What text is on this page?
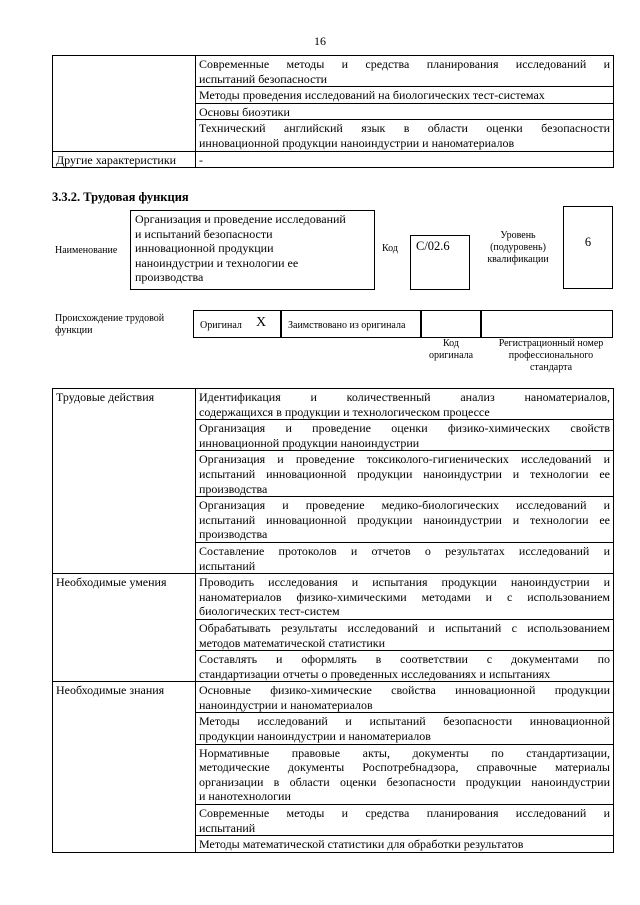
16

	Современные методы и средства планирования исследований и
испытаний безопасности

	Методы проведения исследований на биологических тест-системах

	Основы биоэтики

	Технический английский язык в области оценки безопасности
инновационной продукции наноиндустрии и наноматериалов

Другие характеристики	-
3.3.2. Трудовая функция
Наименование
Организация и проведение исследований
и испытаний безопасности
инновационной продукции
наноиндустрии и технологии ее
производства
Код	C/02.6
Уровень
(подуровень)
квалификации
6
Происхождение трудовой
функции	Оригинал X Заимствовано из оригинала
Код
оригинала
Регистрационный номер
профессионального
стандарта
Трудовые действия	Идентификация и количественный анализ наноматериалов,
содержащихся в продукции и технологическом процессе

	Организация и проведение оценки физико-химических свойств
инновационной продукции наноиндустрии

	Организация и проведение токсиколого-гигиенических исследований и
испытаний инновационной продукции наноиндустрии и технологии ее
производства

	Организация и проведение медико-биологических исследований и
испытаний инновационной продукции наноиндустрии и технологии ее
производства

	Составление протоколов и отчетов о результатах исследований и
испытаний

Необходимые умения	Проводить исследования и испытания продукции наноиндустрии и
наноматериалов физико-химическими методами и с использованием
биологических тест-систем

	Обрабатывать результаты исследований и испытаний с использованием
методов математической статистики

	Составлять и оформлять в соответствии с документами по
стандартизации отчеты о проведенных исследованиях и испытаниях

Необходимые знания	Основные физико-химические свойства инновационной продукции
наноиндустрии и наноматериалов

	Методы исследований и испытаний безопасности инновационной
продукции наноиндустрии и наноматериалов

	Нормативные правовые акты, документы по стандартизации,
методические документы Роспотребнадзора, справочные материалы
организации в области оценки безопасности продукции наноиндустрии
и нанотехнологии

	Современные методы и средства планирования исследований и
испытаний

	Методы математической статистики для обработки результатов
